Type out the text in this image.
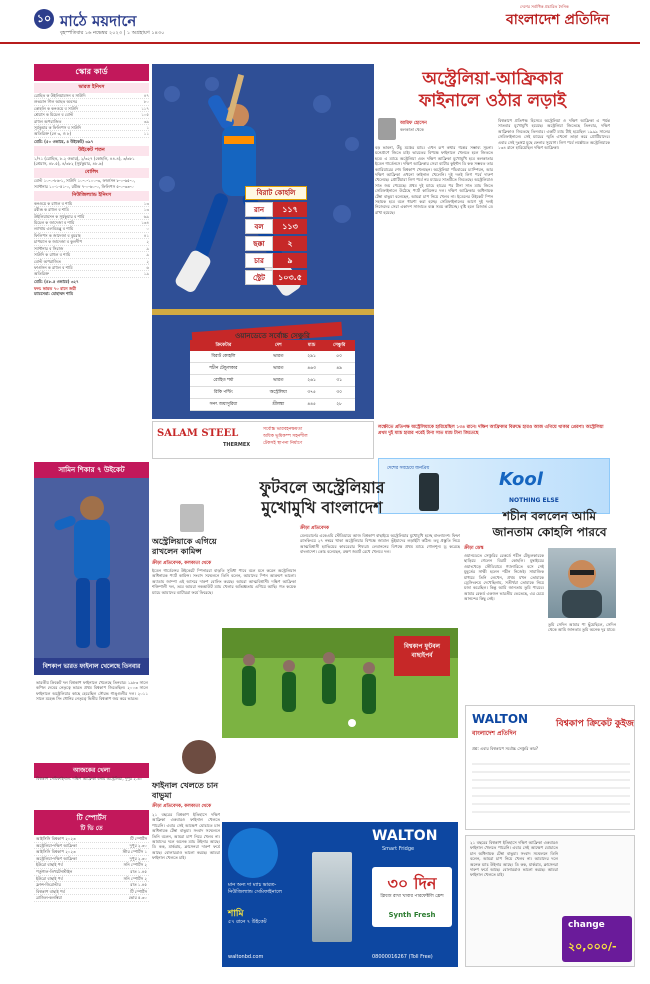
১০ মাঠে ময়দানে
বৃহস্পতিবার ১৬ নভেম্বর ২০২৩ | ১ অগ্রহায়ণ ১৪৩০
দেশের সর্বাধিক প্রচারিত দৈনিক
বাংলাদেশ প্রতিদিন
স্কোর কার্ড
ভারত ইনিংস
রোহিত ক উইলিয়ামসন ব সাউদি	৪৭
শুভমান গিল আহত অবসর	৮০
কোহলি ক কনওয়ে ব সাউদি	১১৭
শ্রেয়াস ক মিচেল ব বোল্ট	১০৫
রাহুল অপরাজিত	৩৯
সূর্যকুমার ক ফিলিপস ব সাউদি	১
অতিরিক্ত (লে ৩, ও ৮)	১১
মোট: (৫০ ওভারে, ৪ উইকেট) ৩৯৭
উইকেট পতন
১/৭১ (রোহিত, ৮.২ ওভার), ২/৩২৭ (কোহলি, ৪৪.৪), ৩/৩৮১ (শ্রেয়াস, ৪৮.৫), ৪/৩৮২ (সূর্যকুমার, ৪৮.৬)
বোলিং
বোল্ট ১০-০-৮৬-১, সাউদি ১০-০-১০০-৩, ফার্গুসন ৮-০-৬৫-০, স্যান্টনার ১০-১-৫১-০, রবীন্দ্র ৭-০-৬০-০, ফিলিপস ৫-০-৩৩-০
নিউজিল্যান্ড ইনিংস
কনওয়ে ক রাহুল ব শামি	১৩
রবীন্দ্র ক রাহুল ব শামি	১৩
উইলিয়ামসন ক সূর্যকুমার ব শামি	৬৯
মিচেল ক জাদেজা ব শামি	১৩৪
ল্যাথাম এলবিডব্লু ব শামি	০
ফিলিপস ক জাদেজা ব বুমরাহ	৪১
চাপম্যান ক জাদেজা ব কুলদীপ	২
স্যান্টনার ব সিরাজ	৯
সাউদি ক রাহুল ব শামি	৯
বোল্ট অপরাজিত	২
ফার্গুসন ক রাহুল ব শামি	৬
অতিরিক্ত	১৯
মোট: (৪৮.৫ ওভারে) ৩২৭
ফল: ভারত ৭০ রানে জয়ী
ম্যাচসেরা: মোহাম্মদ শামি
বিরাট কোহলি
রান	১১৭
বল	১১৩
ছক্কা	২
চার	৯
স্ট্রেট	১০৩.৫
ওয়ানডেতে সর্বোচ্চ সেঞ্চুরি
ক্রিকেটার	দেশ	ম্যাচ	সেঞ্চুরি
বিরাট কোহলি	ভারত	২৯১	৫০
শচীন টেন্ডুলকার	ভারত	৪৬৩	৪৯
রোহিত শর্মা	ভারত	২৬১	৩১
রিকি পন্টিং	অস্ট্রেলিয়া	৩৭৫	৩০
সনৎ জয়াসুরিয়া	শ্রীলঙ্কা	৪৪৫	২৮
SALAM STEEL
THERMEX
সর্বোচ্চ ভারবহনক্ষমতা
অধিক ভূমিকম্প সহনশীল
টেকসই স্থাপনা নির্মাণে
অস্ট্রেলিয়া-আফ্রিকার
ফাইনালে ওঠার লড়াই
আরিফ হোসেন
কলকাতা থেকে
বড় ভাবনা, উঁচু মঞ্চের ম্যাচ। এখন রূপ কথার গল্পের সম্ভাব্য সূচনা। মনেপ্রাণে জিতে চাই। ভারতের বিপক্ষে ফাইনালে খেলতে হলে জিততে হবে। এ ম্যাচে অস্ট্রেলিয়া এবং দক্ষিণ আফ্রিকা মুখোমুখি হবে কলকাতার ইডেন গার্ডেনসে। দক্ষিণ আফ্রিকার সেরা ব্যাটার কুইন্টন ডি কক সম্ভবত তার ক্যারিয়ারের শেষ বিশ্বকাপ খেলছেন। অস্ট্রেলিয়া পাঁচবারের চ্যাম্পিয়ন, আর দক্ষিণ আফ্রিকা এখনো ফাইনাল খেলেনি। দুই দলই লিগ পর্বে দারুণ খেলেছে। প্রোটিয়ারা লিগ পর্বে নয় ম্যাচের সাতটিতে জিতেছে। অস্ট্রেলিয়াও সাত জয় পেয়েছে। প্রথম দুই ম্যাচে হারের পর টানা সাত ম্যাচ জিতে সেমিফাইনালে উঠেছে প্যাট কামিন্সের দল। দক্ষিণ আফ্রিকার অধিনায়ক টেম্বা বাভুমা বলেছেন, আমরা চাপ নিয়ে খেলব না। ইডেনের উইকেট স্পিন সহায়ক হবে বলে ধারণা করা হচ্ছে। সেমিফাইনালের আগে দুই দলই নিজেদের সেরা একাদশ সাজাতে ব্যস্ত সময় কাটাচ্ছে। বৃষ্টি হলে রিজার্ভ ডে রাখা হয়েছে।
বিশ্বকাপে প্রতিপক্ষ হিসেবে অস্ট্রেলিয়া ও দক্ষিণ আফ্রিকা এ পর্যন্ত সাতবার মুখোমুখি হয়েছে। অস্ট্রেলিয়া জিতেছে তিনবার, দক্ষিণ আফ্রিকাও জিতেছে তিনবার। একটি ম্যাচ টাই হয়েছিল ১৯৯৯ সালের সেমিফাইনালে। সেই ম্যাচের স্মৃতি এখনো তাড়া করে প্রোটিয়াদের। এবার সেই দুঃস্বপ্ন মুছে ফেলার সুযোগ। লিগ পর্বে লক্ষ্ণৌতে অস্ট্রেলিয়াকে ১৩৪ রানে হারিয়েছিল দক্ষিণ আফ্রিকা।
লক্ষ্ণৌতে প্রতিপক্ষ অস্ট্রেলিয়াকে হারিয়েছিল ১৩৪ রানে। দক্ষিণ আফ্রিকার বিরুদ্ধে হারও আজ এগিয়ে থাকার প্রেরণা। অস্ট্রেলিয়া প্রথম দুই ম্যাচ হারার পরেই টানা সাত ম্যাচ টানা জিতেছে
দেশের সবচেয়ে জনপ্রিয়
Kool
NOTHING ELSE
সামিন শিকার ৭ উইকেট
বিশকাপ ভারত ফাইনাল খেলেছে তিনবার
ভারতীয় ক্রিকেট দল বিশ্বকাপ ফাইনালে খেলেছে তিনবার। ১৯৮৩ সালে কপিল দেবের নেতৃত্বে ভারত প্রথম বিশ্বকাপ জিতেছিল। ২০০৩ সালে ফাইনালে অস্ট্রেলিয়ার কাছে হেরেছিল সৌরভ গাঙ্গুলীর দল। ২০১১ সালে মহেন্দ্র সিং ধোনির নেতৃত্বে দ্বিতীয় বিশ্বকাপ জয় করে ভারত।
আজকের খেলা
বিশ্বকাপ সেমিফাইনাল: দক্ষিণ আফ্রিকা বনাম অস্ট্রেলিয়া, দুপুর ২.৩০
টি স্পোর্টস
টি ভি তে
আইসিসি বিশ্বকাপ ২০২৩	টি স্পোর্টস
অস্ট্রেলিয়া-দক্ষিণ আফ্রিকা	দুপুর ২.৩০
আইসিসি বিশ্বকাপ ২০২৩	স্টার স্পোর্টস ১
অস্ট্রেলিয়া-দক্ষিণ আফ্রিকা	দুপুর ২.৩০
ইউরো বাছাই পর্ব	সনি স্পোর্টস ২
পর্তুগাল-লিখটেনস্টাইন	রাত ১.৪৫
ইউরো বাছাই পর্ব	সনি স্পোর্টস ২
ফ্রান্স-জিব্রাল্টার	রাত ১.৪৫
বিশ্বকাপ বাছাই পর্ব	টি স্পোর্টস
ব্রাজিল-কলম্বিয়া	ভোর ৫.৩০
অস্ট্রেলিয়াকে এগিয়ে রাখলেন কামিন্স
ক্রীড়া প্রতিবেদক, কলকাতা থেকে
ইডেন গার্ডেন্সের উইকেটে স্পিনাররা বাড়তি সুবিধা পাবে বলে মনে করেন অস্ট্রেলিয়ান অধিনায়ক প্যাট কামিন্স। সংবাদ সম্মেলনে তিনি বলেন, আমাদের স্পিন আক্রমণ ভালো। অ্যাডাম জাম্পা এই আসরে দারুণ বোলিং করছে। আমরা আত্মবিশ্বাসী। দক্ষিণ আফ্রিকা শক্তিশালী দল, তবে আমরা নকআউট ম্যাচ খেলার অভিজ্ঞতায় এগিয়ে আছি। গত কয়েক ম্যাচে আমাদের ব্যাটাররা ফর্মে ফিরেছে।
ফুটবলে অস্ট্রেলিয়ার
মুখোমুখি বাংলাদেশ
ক্রীড়া প্রতিবেদক
মেলবোর্নের একেএমি স্টেডিয়ামে আজ বিশ্বকাপ বাছাইয়ে অস্ট্রেলিয়ার মুখোমুখি হচ্ছে বাংলাদেশ। ফিফা র‌্যাংকিংয়ে ২৭ নম্বরে থাকা অস্ট্রেলিয়ার বিপক্ষে জামাল ভূঁইয়াদের লড়াইটা কঠিন। তবু প্রস্তুতি নিয়ে আত্মবিশ্বাসী হ্যাভিয়ের কাবরেরার শিষ্যরা। লেবাননের বিপক্ষে প্রথম ম্যাচে গোলশূন্য ড্র করেছে বাংলাদেশ। কোচ বলেছেন, রক্ষণ জমাট রেখে খেলবে দল।
বিশ্বকাপ ফুটবল বাছাইপর্ব
শচীন বললেন আমি
জানতাম কোহলি পারবে
ক্রীড়া ডেস্ক
ওয়ানডেতে সেঞ্চুরির রেকর্ডে শচীন টেন্ডুলকারকে ছাড়িয়ে গেলেন বিরাট কোহলি। মুম্বাইয়ের ওয়াংখেড়ে স্টেডিয়ামে গ্যালারিতে বসে সেই মুহূর্তের সাক্ষী হলেন শচীন নিজেই। সামাজিক মাধ্যমে তিনি লেখেন, প্রথম যখন তোমাকে ড্রেসিংরুমে দেখেছিলাম, সতীর্থরা তোমাকে নিয়ে মজা করেছিল। কিন্তু আমি জানতাম তুমি পারবে। আমার রেকর্ড একজন ভারতীয় ভেঙেছে, এর চেয়ে আনন্দের কিছু নেই।
তুমি সেদিন আমার পা ছুঁয়েছিলে, সেদিন থেকে আমি জানতাম তুমি অনেক দূর যাবে।
ফাইনাল খেলতে চান বাভুমা
ক্রীড়া প্রতিবেদক, কলকাতা থেকে
২১ বছরের বিশ্বকাপ ইতিহাসে দক্ষিণ আফ্রিকা একবারও ফাইনাল খেলতে পারেনি। এবার সেই আক্ষেপ ঘোচাতে চান অধিনায়ক টেম্বা বাভুমা। সংবাদ সম্মেলনে তিনি বলেন, আমরা চাপ নিয়ে খেলব না। আমাদের দলে অনেক ম্যাচ উইনার আছে। ডি কক, মার্করাম, ক্লাসেনরা দারুণ ফর্মে আছে। বোলাররাও ভালো করছে। আমরা ফাইনাল খেলতে চাই।
WALTON
বাংলাদেশ প্রতিদিন
বিশ্বকাপ ক্রিকেট কুইজ
প্রশ্ন: এবার বিশ্বকাপে সর্বোচ্চ সেঞ্চুরি কার?
WALTON
Smart Fridge
মান অন্য দা ম্যাচ ভারত-নিউজিল্যান্ড সেমিফাইনালে
শামি
৫৭ রানে ৭ উইকেট
৩০ দিন
ফ্রিজে রাখা খাবার পারফেক্টলি ফ্রেশ
Synth Fresh
waltonbd.com	08000016267 (Toll Free)
২১ বছরের বিশ্বকাপ ইতিহাসে দক্ষিণ আফ্রিকা একবারও ফাইনাল খেলতে পারেনি। এবার সেই আক্ষেপ ঘোচাতে চান অধিনায়ক টেম্বা বাভুমা। সংবাদ সম্মেলনে তিনি বলেন, আমরা চাপ নিয়ে খেলব না। আমাদের দলে অনেক ম্যাচ উইনার আছে। ডি কক, মার্করাম, ক্লাসেনরা দারুণ ফর্মে আছে। বোলাররাও ভালো করছে। আমরা ফাইনাল খেলতে চাই।
change
২০,০০০/-
